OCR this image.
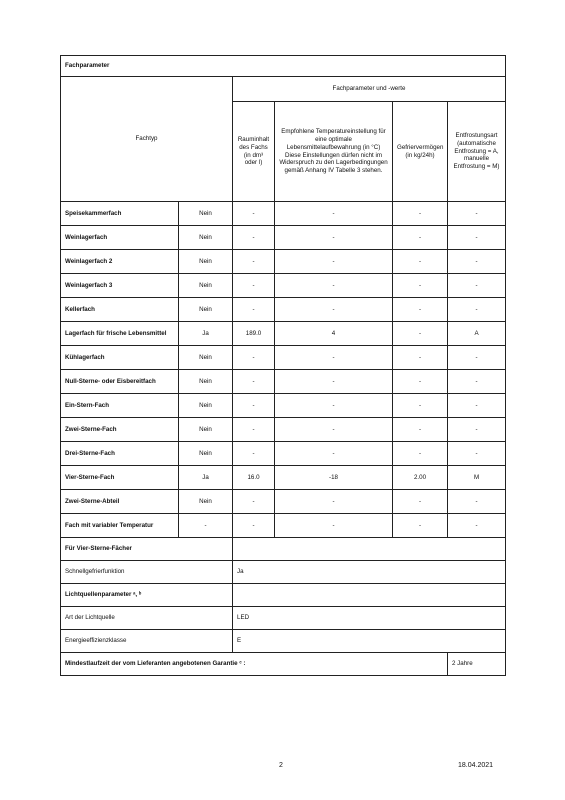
Fachparameter					
Fachtyp		Fachparameter und -werte			
		Rauminhalt des Fachs (in dm³ oder l)	Empfohlene Temperatureinstellung für eine optimale Lebensmittelaufbewahrung (in °C) Diese Einstellungen dürfen nicht im Widerspruch zu den Lagerbedingungen gemäß Anhang IV Tabelle 3 stehen.	Gefriervermögen (in kg/24h)	Entfrostungsart (automatische Entfrostung = A, manuelle Entfrostung = M)
Speisekammerfach	Nein	-	-	-	-
Weinlagerfach	Nein	-	-	-	-
Weinlagerfach 2	Nein	-	-	-	-
Weinlagerfach 3	Nein	-	-	-	-
Kellerfach	Nein	-	-	-	-
Lagerfach für frische Lebensmittel	Ja	189.0	4	-	A
Kühlagerfach	Nein	-	-	-	-
Null-Sterne- oder Eisbereitfach	Nein	-	-	-	-
Ein-Stern-Fach	Nein	-	-	-	-
Zwei-Sterne-Fach	Nein	-	-	-	-
Drei-Sterne-Fach	Nein	-	-	-	-
Vier-Sterne-Fach	Ja	16.0	-18	2.00	M
Zwei-Sterne-Abteil	Nein	-	-	-	-
Fach mit variabler Temperatur	-	-	-	-	-
Für Vier-Sterne-Fächer					
Schnellgefrierfunktion		Ja			
Lichtquellenparameter ᵃ, ᵇ					
Art der Lichtquelle		LED			
Energieeffizienzklasse		E			
Mindestlaufzeit der vom Lieferanten angebotenen Garantie ᶜ :					2 Jahre
2	18.04.2021
